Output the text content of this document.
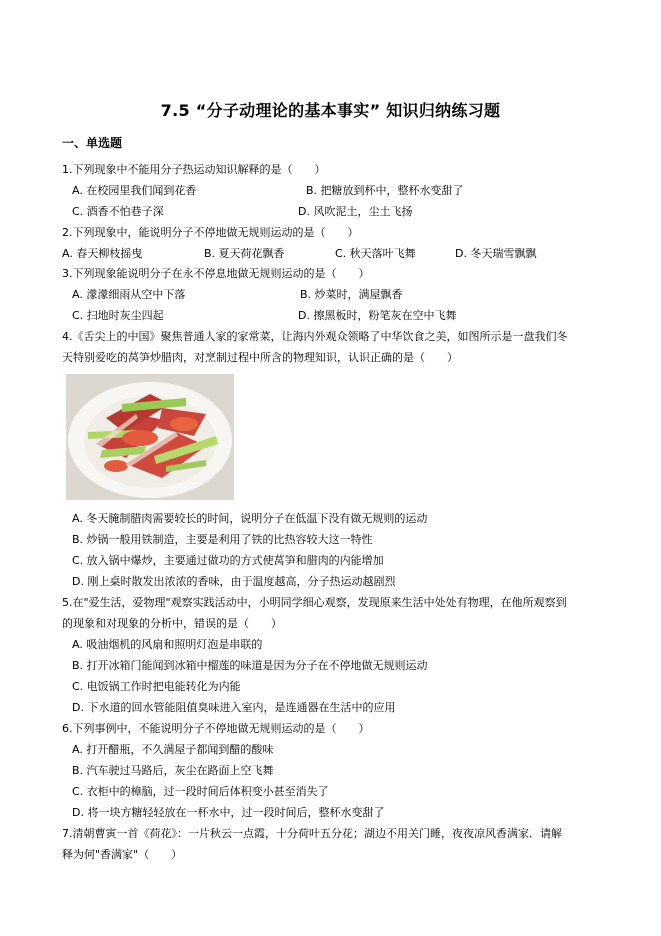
7.5 “分子动理论的基本事实” 知识归纳练习题
一、单选题
1.下列现象中不能用分子热运动知识解释的是（　　）
A. 在校园里我们闻到花香	B. 把糖放到杯中，整杯水变甜了
C. 酒香不怕巷子深	D. 风吹泥土，尘土飞扬
2.下列现象中，能说明分子不停地做无规则运动的是（　　）
A. 春天柳枝摇曳	B. 夏天荷花飘香	C. 秋天落叶飞舞	D. 冬天瑞雪飘飘
3.下列现象能说明分子在永不停息地做无规则运动的是（　　）
A. 濛濛细雨从空中下落	B. 炒菜时，满屋飘香
C. 扫地时灰尘四起	D. 擦黑板时，粉笔灰在空中飞舞
4.《舌尖上的中国》聚焦普通人家的家常菜，让海内外观众领略了中华饮食之美，如图所示是一盘我们冬
天特别爱吃的莴笋炒腊肉，对烹制过程中所含的物理知识，认识正确的是（　　）
A. 冬天腌制腊肉需要较长的时间，说明分子在低温下没有做无规则的运动
B. 炒锅一般用铁制造，主要是利用了铁的比热容较大这一特性
C. 放入锅中爆炒，主要通过做功的方式使莴笋和腊肉的内能增加
D. 刚上桌时散发出浓浓的香味，由于温度越高，分子热运动越剧烈
5.在"爱生活，爱物理"观察实践活动中，小明同学细心观察，发现原来生活中处处有物理，在他所观察到
的现象和对现象的分析中，错误的是（　　）
A. 吸油烟机的风扇和照明灯泡是串联的
B. 打开冰箱门能闻到冰箱中榴莲的味道是因为分子在不停地做无规则运动
C. 电饭锅工作时把电能转化为内能
D. 下水道的回水管能阻值臭味进入室内，是连通器在生活中的应用
6.下列事例中，不能说明分子不停地做无规则运动的是（　　）
A. 打开醋瓶，不久满屋子都闻到醋的酸味
B. 汽车驶过马路后，灰尘在路面上空飞舞
C. 衣柜中的樟脑，过一段时间后体积变小甚至消失了
D. 将一块方糖轻轻放在一杯水中，过一段时间后，整杯水变甜了
7.清朝曹寅一首《荷花》：一片秋云一点霞，十分荷叶五分花；湖边不用关门睡，夜夜凉风香满家．请解
释为何"香满家"（　　）
